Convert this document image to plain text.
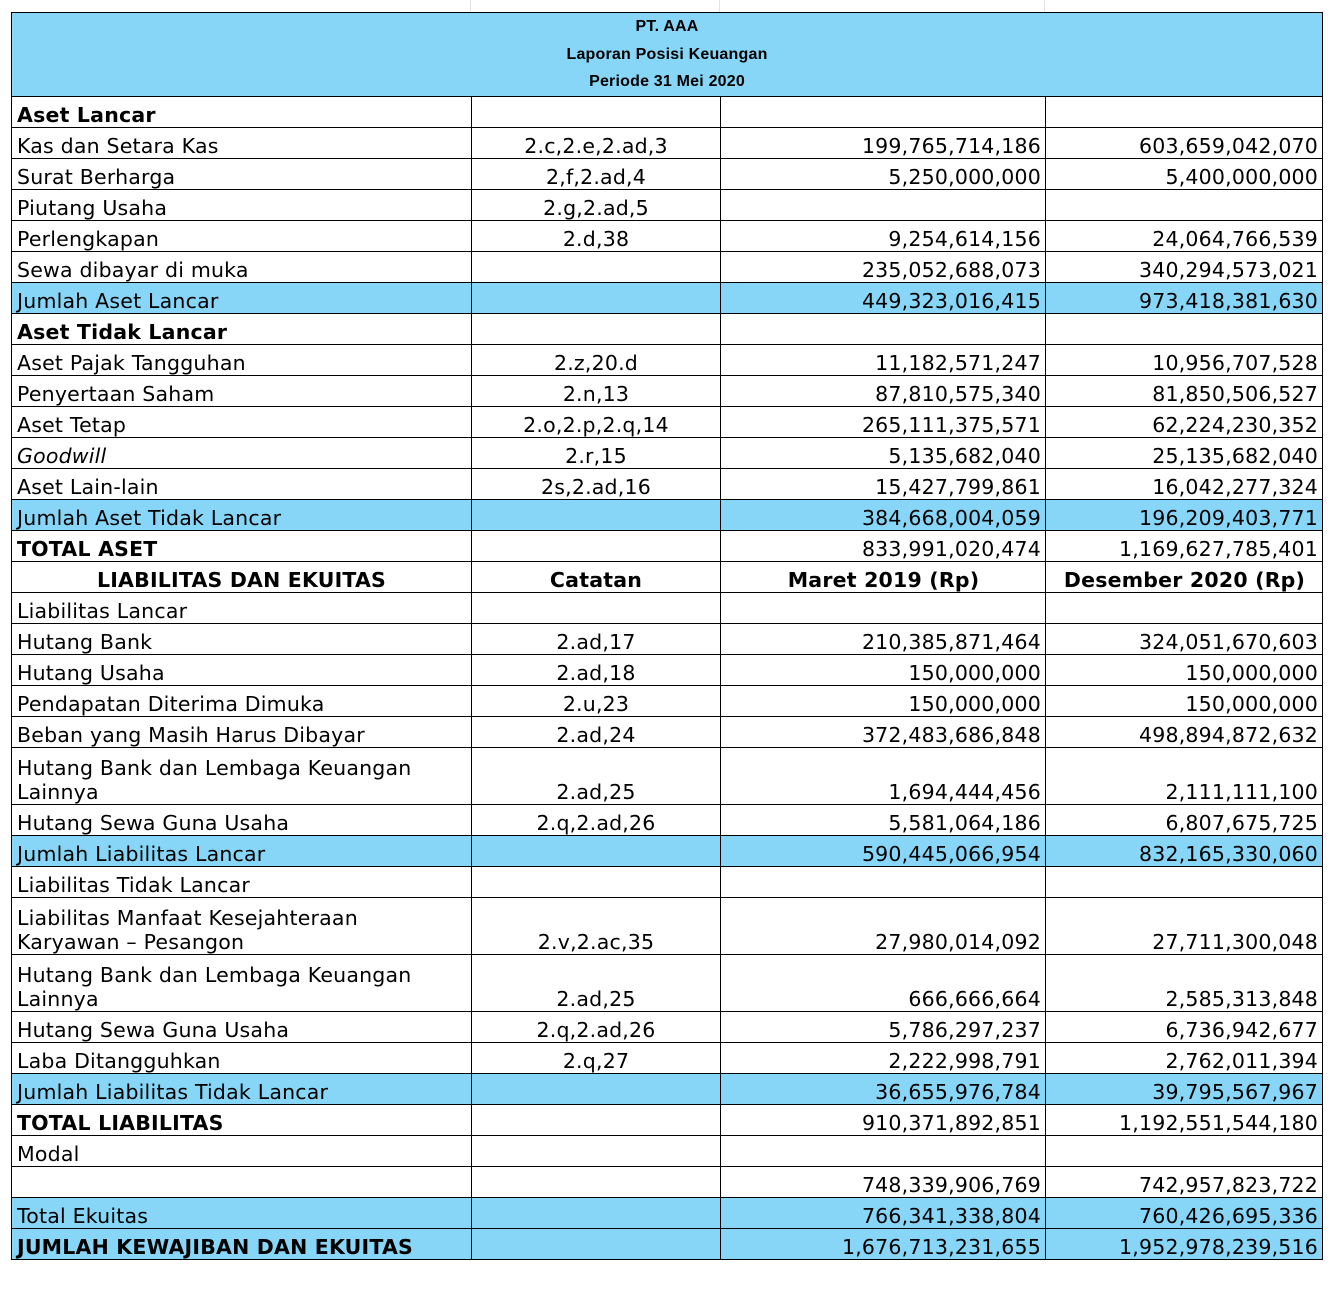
PT. AAA			
Laporan Posisi Keuangan			
Periode 31 Mei 2020			
Aset Lancar			
Kas dan Setara Kas	2.c,2.e,2.ad,3	199,765,714,186	603,659,042,070
Surat Berharga	2,f,2.ad,4	5,250,000,000	5,400,000,000
Piutang Usaha	2.g,2.ad,5		
Perlengkapan	2.d,38	9,254,614,156	24,064,766,539
Sewa dibayar di muka		235,052,688,073	340,294,573,021
Jumlah Aset Lancar		449,323,016,415	973,418,381,630
Aset Tidak Lancar			
Aset Pajak Tangguhan	2.z,20.d	11,182,571,247	10,956,707,528
Penyertaan Saham	2.n,13	87,810,575,340	81,850,506,527
Aset Tetap	2.o,2.p,2.q,14	265,111,375,571	62,224,230,352
Goodwill	2.r,15	5,135,682,040	25,135,682,040
Aset Lain-lain	2s,2.ad,16	15,427,799,861	16,042,277,324
Jumlah Aset Tidak Lancar		384,668,004,059	196,209,403,771
TOTAL ASET		833,991,020,474	1,169,627,785,401
LIABILITAS DAN EKUITAS	Catatan	Maret 2019 (Rp)	Desember 2020 (Rp)
Liabilitas Lancar			
Hutang Bank	2.ad,17	210,385,871,464	324,051,670,603
Hutang Usaha	2.ad,18	150,000,000	150,000,000
Pendapatan Diterima Dimuka	2.u,23	150,000,000	150,000,000
Beban yang Masih Harus Dibayar	2.ad,24	372,483,686,848	498,894,872,632
Hutang Bank dan Lembaga Keuangan Lainnya	2.ad,25	1,694,444,456	2,111,111,100
Hutang Sewa Guna Usaha	2.q,2.ad,26	5,581,064,186	6,807,675,725
Jumlah Liabilitas Lancar		590,445,066,954	832,165,330,060
Liabilitas Tidak Lancar			
Liabilitas Manfaat Kesejahteraan Karyawan – Pesangon	2.v,2.ac,35	27,980,014,092	27,711,300,048
Hutang Bank dan Lembaga Keuangan Lainnya	2.ad,25	666,666,664	2,585,313,848
Hutang Sewa Guna Usaha	2.q,2.ad,26	5,786,297,237	6,736,942,677
Laba Ditangguhkan	2.q,27	2,222,998,791	2,762,011,394
Jumlah Liabilitas Tidak Lancar		36,655,976,784	39,795,567,967
TOTAL LIABILITAS		910,371,892,851	1,192,551,544,180
Modal			
		748,339,906,769	742,957,823,722
Total Ekuitas		766,341,338,804	760,426,695,336
JUMLAH KEWAJIBAN DAN EKUITAS		1,676,713,231,655	1,952,978,239,516
